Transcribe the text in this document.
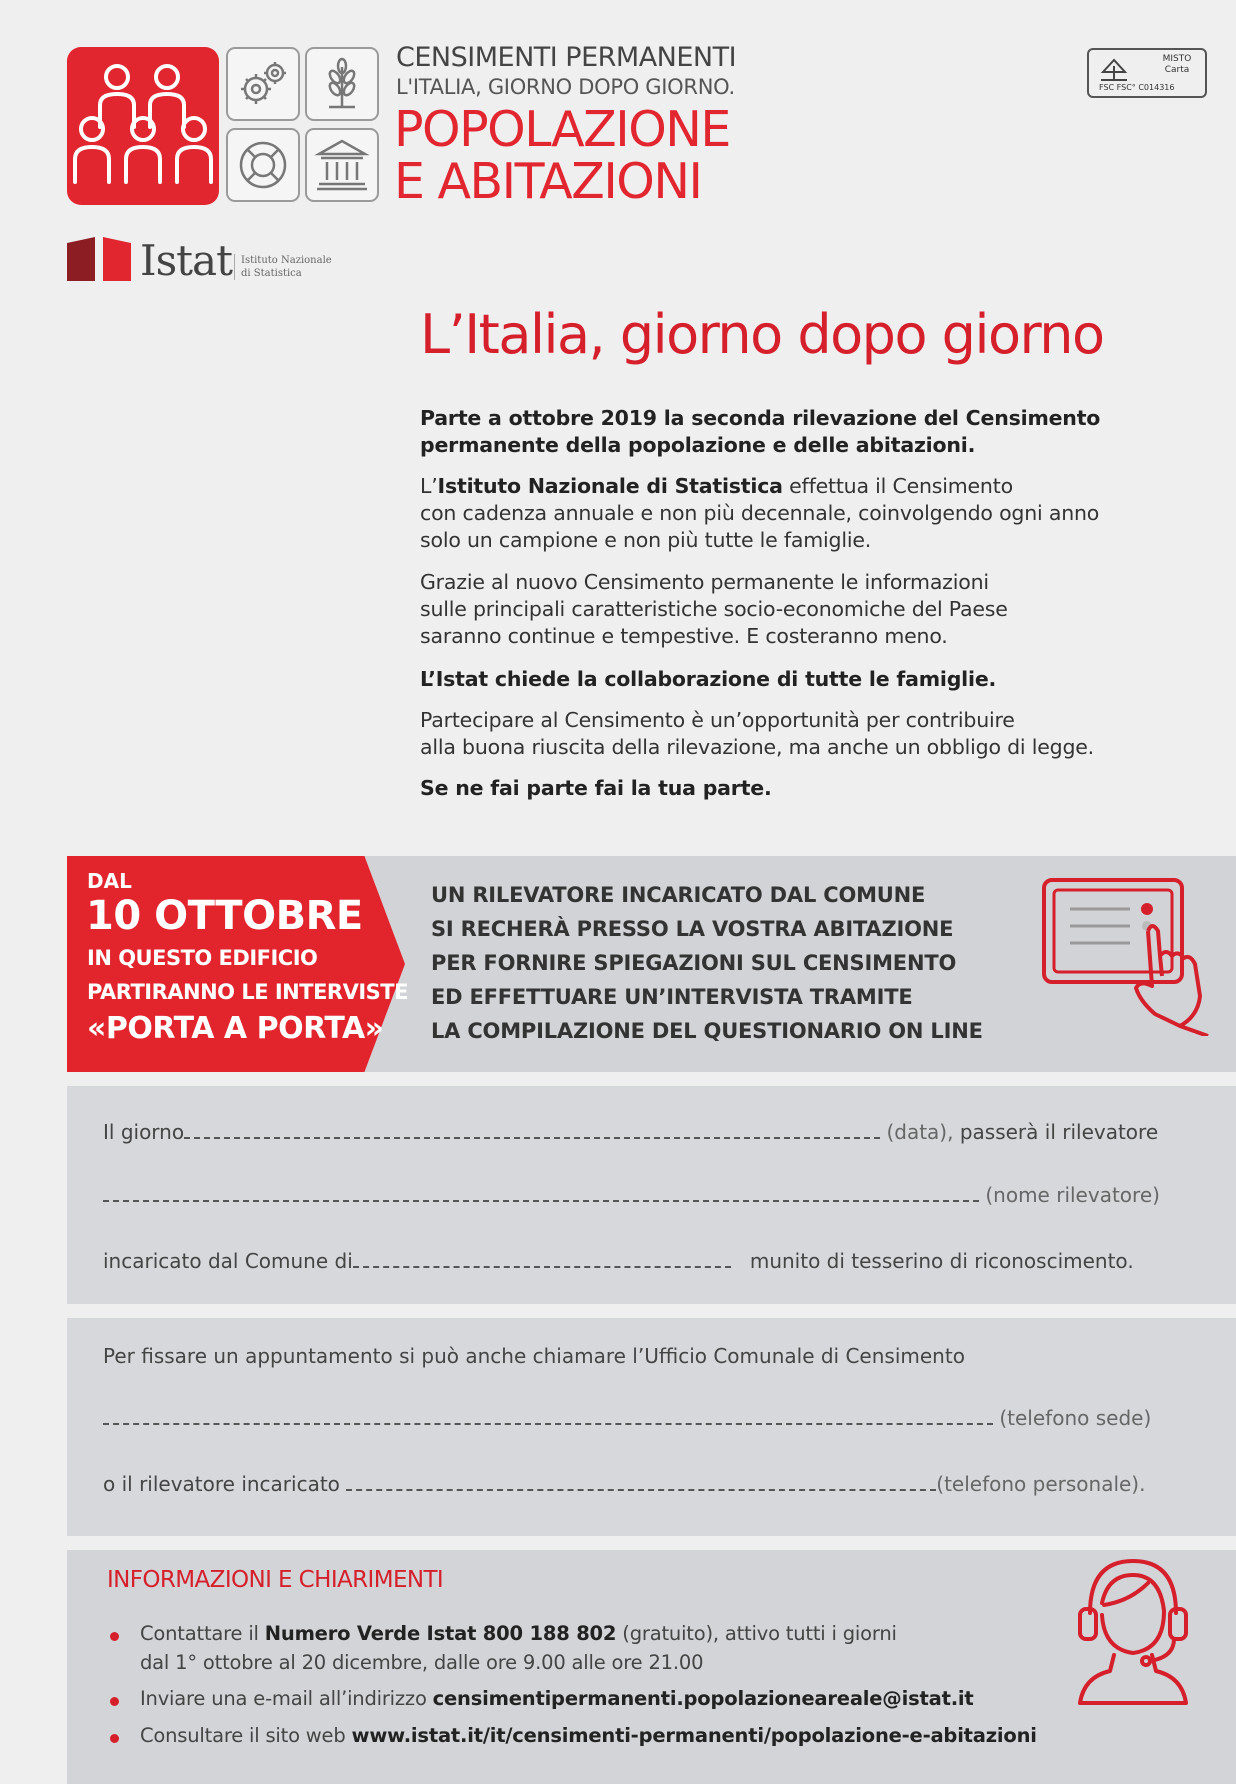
CENSIMENTI PERMANENTI
L'ITALIA, GIORNO DOPO GIORNO.
POPOLAZIONE
E ABITAZIONI
MISTO
Carta
FSC FSC° C014316
Istat Istituto Nazionale
di Statistica
L’Italia, giorno dopo giorno
Parte a ottobre 2019 la seconda rilevazione del Censimento permanente della popolazione e delle abitazioni.
L’Istituto Nazionale di Statistica effettua il Censimento
con cadenza annuale e non più decennale, coinvolgendo ogni anno
solo un campione e non più tutte le famiglie.
Grazie al nuovo Censimento permanente le informazioni
sulle principali caratteristiche socio-economiche del Paese
saranno continue e tempestive. E costeranno meno.
L’Istat chiede la collaborazione di tutte le famiglie.
Partecipare al Censimento è un’opportunità per contribuire
alla buona riuscita della rilevazione, ma anche un obbligo di legge.
Se ne fai parte fai la tua parte.
DAL
10 OTTOBRE
IN QUESTO EDIFICIO
PARTIRANNO LE INTERVISTE
«PORTA A PORTA»
UN RILEVATORE INCARICATO DAL COMUNE
SI RECHERÀ PRESSO LA VOSTRA ABITAZIONE
PER FORNIRE SPIEGAZIONI SUL CENSIMENTO
ED EFFETTUARE UN’INTERVISTA TRAMITE
LA COMPILAZIONE DEL QUESTIONARIO ON LINE
Il giorno	(data), passerà il rilevatore
(nome rilevatore)
incaricato dal Comune di	munito di tesserino di riconoscimento.
Per fissare un appuntamento si può anche chiamare l’Ufficio Comunale di Censimento
(telefono sede)
o il rilevatore incaricato	(telefono personale).
INFORMAZIONI E CHIARIMENTI
Contattare il Numero Verde Istat 800 188 802 (gratuito), attivo tutti i giorni
dal 1° ottobre al 20 dicembre, dalle ore 9.00 alle ore 21.00
Inviare una e-mail all’indirizzo censimentipermanenti.popolazioneareale@istat.it
Consultare il sito web www.istat.it/it/censimenti-permanenti/popolazione-e-abitazioni
